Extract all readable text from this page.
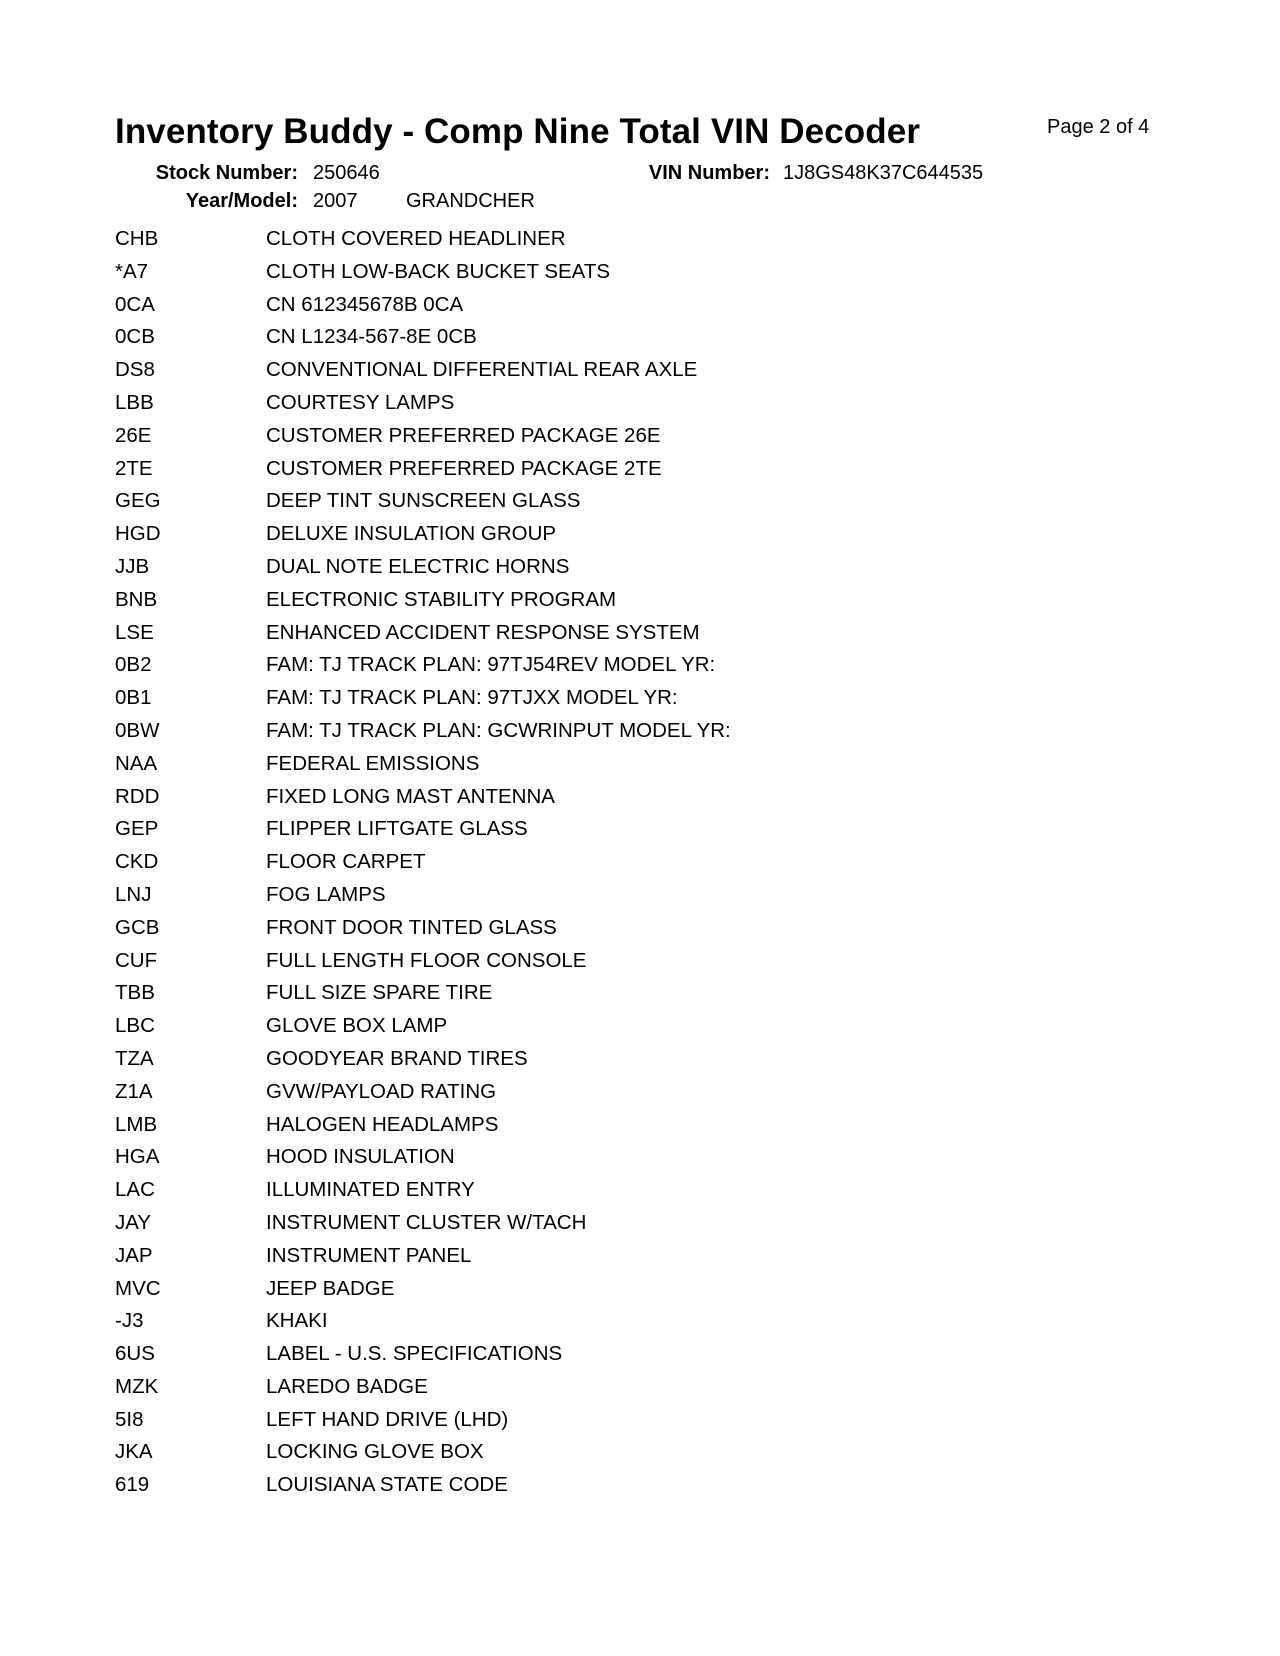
Inventory Buddy - Comp Nine Total VIN Decoder	Page 2 of 4
Stock Number: 250646	VIN Number: 1J8GS48K37C644535
Year/Model: 2007 GRANDCHER
CHB	CLOTH COVERED HEADLINER
*A7	CLOTH LOW-BACK BUCKET SEATS
0CA	CN 612345678B 0CA
0CB	CN L1234-567-8E 0CB
DS8	CONVENTIONAL DIFFERENTIAL REAR AXLE
LBB	COURTESY LAMPS
26E	CUSTOMER PREFERRED PACKAGE 26E
2TE	CUSTOMER PREFERRED PACKAGE 2TE
GEG	DEEP TINT SUNSCREEN GLASS
HGD	DELUXE INSULATION GROUP
JJB	DUAL NOTE ELECTRIC HORNS
BNB	ELECTRONIC STABILITY PROGRAM
LSE	ENHANCED ACCIDENT RESPONSE SYSTEM
0B2	FAM: TJ TRACK PLAN: 97TJ54REV MODEL YR:
0B1	FAM: TJ TRACK PLAN: 97TJXX MODEL YR:
0BW	FAM: TJ TRACK PLAN: GCWRINPUT MODEL YR:
NAA	FEDERAL EMISSIONS
RDD	FIXED LONG MAST ANTENNA
GEP	FLIPPER LIFTGATE GLASS
CKD	FLOOR CARPET
LNJ	FOG LAMPS
GCB	FRONT DOOR TINTED GLASS
CUF	FULL LENGTH FLOOR CONSOLE
TBB	FULL SIZE SPARE TIRE
LBC	GLOVE BOX LAMP
TZA	GOODYEAR BRAND TIRES
Z1A	GVW/PAYLOAD RATING
LMB	HALOGEN HEADLAMPS
HGA	HOOD INSULATION
LAC	ILLUMINATED ENTRY
JAY	INSTRUMENT CLUSTER W/TACH
JAP	INSTRUMENT PANEL
MVC	JEEP BADGE
-J3	KHAKI
6US	LABEL - U.S. SPECIFICATIONS
MZK	LAREDO BADGE
5I8	LEFT HAND DRIVE (LHD)
JKA	LOCKING GLOVE BOX
619	LOUISIANA STATE CODE
